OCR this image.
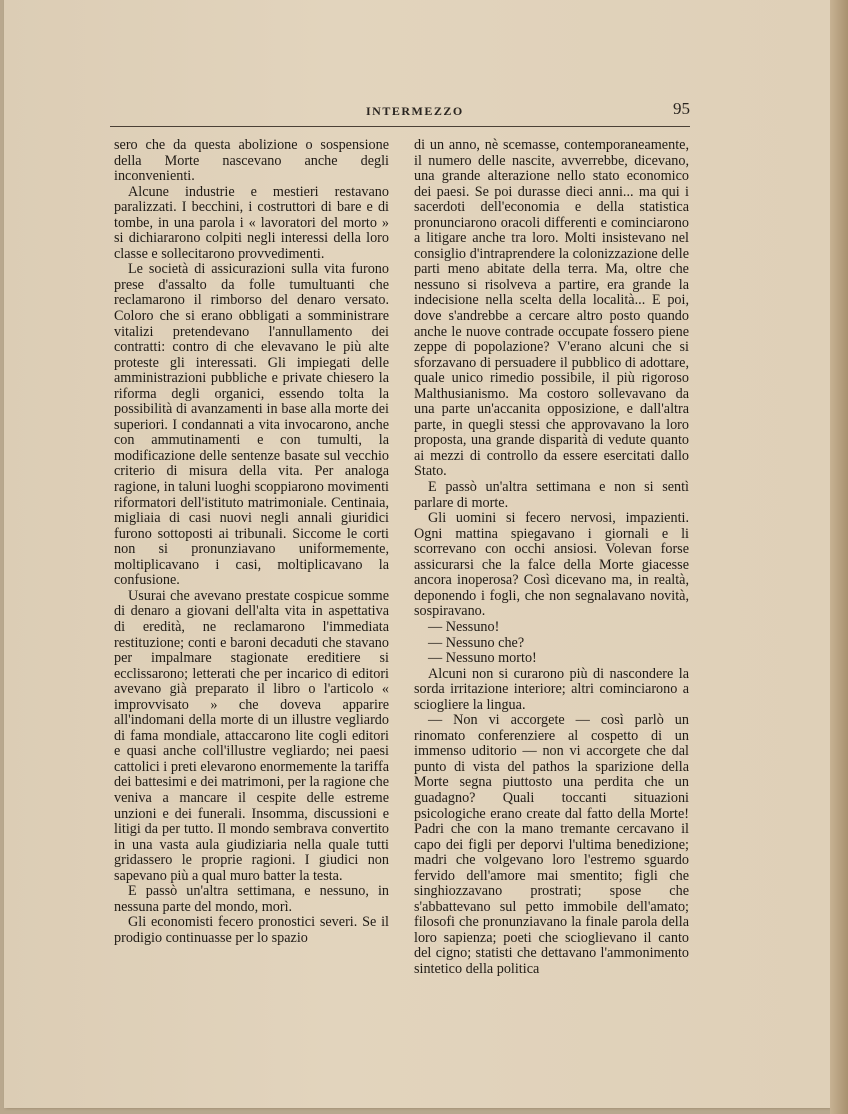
INTERMEZZO	95

sero che da questa abolizione o sospensione della Morte nascevano anche degli inconvenienti.

Alcune industrie e mestieri restavano paralizzati. I becchini, i costruttori di bare e di tombe, in una parola i « lavoratori del morto » si dichiararono colpiti negli interessi della loro classe e sollecitarono provvedimenti.

Le società di assicurazioni sulla vita furono prese d'assalto da folle tumultuanti che reclamarono il rimborso del denaro versato. Coloro che si erano obbligati a somministrare vitalizi pretendevano l'annullamento dei contratti: contro di che elevavano le più alte proteste gli interessati. Gli impiegati delle amministrazioni pubbliche e private chiesero la riforma degli organici, essendo tolta la possibilità di avanzamenti in base alla morte dei superiori. I condannati a vita invocarono, anche con ammutinamenti e con tumulti, la modificazione delle sentenze basate sul vecchio criterio di misura della vita. Per analoga ragione, in taluni luoghi scoppiarono movimenti riformatori dell'istituto matrimoniale. Centinaia, migliaia di casi nuovi negli annali giuridici furono sottoposti ai tribunali. Siccome le corti non si pronunziavano uniformemente, moltiplicavano i casi, moltiplicavano la confusione.

Usurai che avevano prestate cospicue somme di denaro a giovani dell'alta vita in aspettativa di eredità, ne reclamarono l'immediata restituzione; conti e baroni decaduti che stavano per impalmare stagionate ereditiere si ecclissarono; letterati che per incarico di editori avevano già preparato il libro o l'articolo « improvvisato » che doveva apparire all'indomani della morte di un illustre vegliardo di fama mondiale, attaccarono lite cogli editori e quasi anche coll'illustre vegliardo; nei paesi cattolici i preti elevarono enormemente la tariffa dei battesimi e dei matrimoni, per la ragione che veniva a mancare il cespite delle estreme unzioni e dei funerali. Insomma, discussioni e litigi da per tutto. Il mondo sembrava convertito in una vasta aula giudiziaria nella quale tutti gridassero le proprie ragioni. I giudici non sapevano più a qual muro batter la testa.

E passò un'altra settimana, e nessuno, in nessuna parte del mondo, morì.

Gli economisti fecero pronostici severi. Se il prodigio continuasse per lo spazio

di un anno, nè scemasse, contemporaneamente, il numero delle nascite, avverrebbe, dicevano, una grande alterazione nello stato economico dei paesi. Se poi durasse dieci anni... ma qui i sacerdoti dell'economia e della statistica pronunciarono oracoli differenti e cominciarono a litigare anche tra loro. Molti insistevano nel consiglio d'intraprendere la colonizzazione delle parti meno abitate della terra. Ma, oltre che nessuno si risolveva a partire, era grande la indecisione nella scelta della località... E poi, dove s'andrebbe a cercare altro posto quando anche le nuove contrade occupate fossero piene zeppe di popolazione? V'erano alcuni che si sforzavano di persuadere il pubblico di adottare, quale unico rimedio possibile, il più rigoroso Malthusianismo. Ma costoro sollevavano da una parte un'accanita opposizione, e dall'altra parte, in quegli stessi che approvavano la loro proposta, una grande disparità di vedute quanto ai mezzi di controllo da essere esercitati dallo Stato.

E passò un'altra settimana e non si sentì parlare di morte.

Gli uomini si fecero nervosi, impazienti. Ogni mattina spiegavano i giornali e li scorrevano con occhi ansiosi. Volevan forse assicurarsi che la falce della Morte giacesse ancora inoperosa? Così dicevano ma, in realtà, deponendo i fogli, che non segnalavano novità, sospiravano.

— Nessuno!

— Nessuno che?

— Nessuno morto!

Alcuni non si curarono più di nascondere la sorda irritazione interiore; altri cominciarono a sciogliere la lingua.

— Non vi accorgete — così parlò un rinomato conferenziere al cospetto di un immenso uditorio — non vi accorgete che dal punto di vista del pathos la sparizione della Morte segna piuttosto una perdita che un guadagno? Quali toccanti situazioni psicologiche erano create dal fatto della Morte! Padri che con la mano tremante cercavano il capo dei figli per deporvi l'ultima benedizione; madri che volgevano loro l'estremo sguardo fervido dell'amore mai smentito; figli che singhiozzavano prostrati; spose che s'abbattevano sul petto immobile dell'amato; filosofi che pronunziavano la finale parola della loro sapienza; poeti che scioglievano il canto del cigno; statisti che dettavano l'ammonimento sintetico della politica
